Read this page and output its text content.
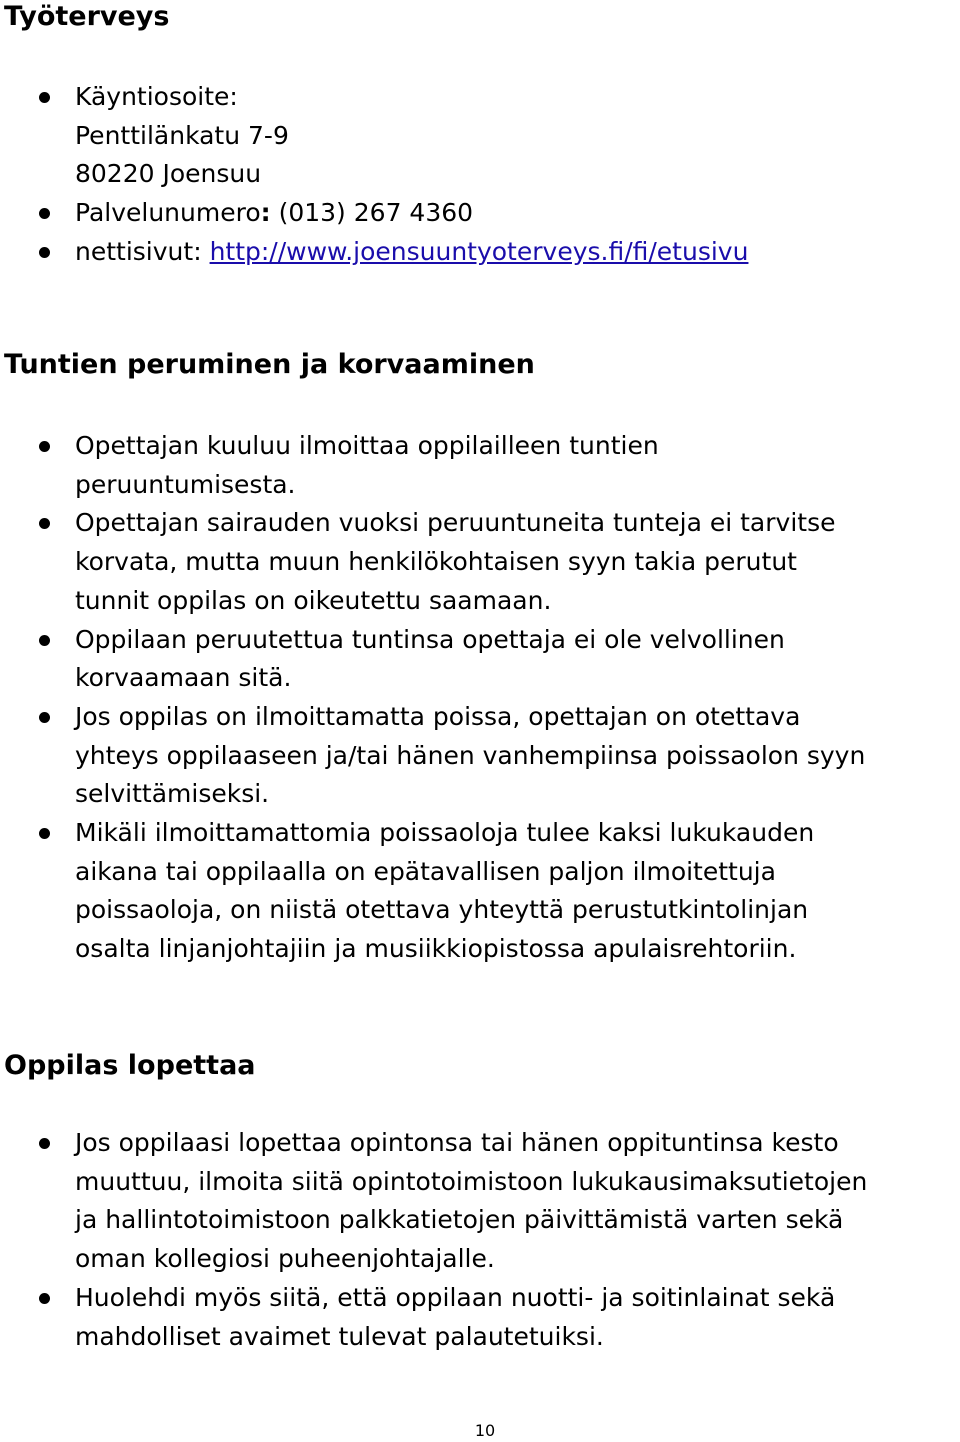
Työterveys
Käyntiosoite:
Penttilänkatu 7-9
80220 Joensuu
Palvelunumero: (013) 267 4360
nettisivut: http://www.joensuuntyoterveys.fi/fi/etusivu
Tuntien peruminen ja korvaaminen
Opettajan kuuluu ilmoittaa oppilailleen tuntien
peruuntumisesta.
Opettajan sairauden vuoksi peruuntuneita tunteja ei tarvitse
korvata, mutta muun henkilökohtaisen syyn takia perutut
tunnit oppilas on oikeutettu saamaan.
Oppilaan peruutettua tuntinsa opettaja ei ole velvollinen
korvaamaan sitä.
Jos oppilas on ilmoittamatta poissa, opettajan on otettava
yhteys oppilaaseen ja/tai hänen vanhempiinsa poissaolon syyn
selvittämiseksi.
Mikäli ilmoittamattomia poissaoloja tulee kaksi lukukauden
aikana tai oppilaalla on epätavallisen paljon ilmoitettuja
poissaoloja, on niistä otettava yhteyttä perustutkintolinjan
osalta linjanjohtajiin ja musiikkiopistossa apulaisrehtoriin.
Oppilas lopettaa
Jos oppilaasi lopettaa opintonsa tai hänen oppituntinsa kesto
muuttuu, ilmoita siitä opintotoimistoon lukukausimaksutietojen
ja hallintotoimistoon palkkatietojen päivittämistä varten sekä
oman kollegiosi puheenjohtajalle.
Huolehdi myös siitä, että oppilaan nuotti- ja soitinlainat sekä
mahdolliset avaimet tulevat palautetuiksi.
10
